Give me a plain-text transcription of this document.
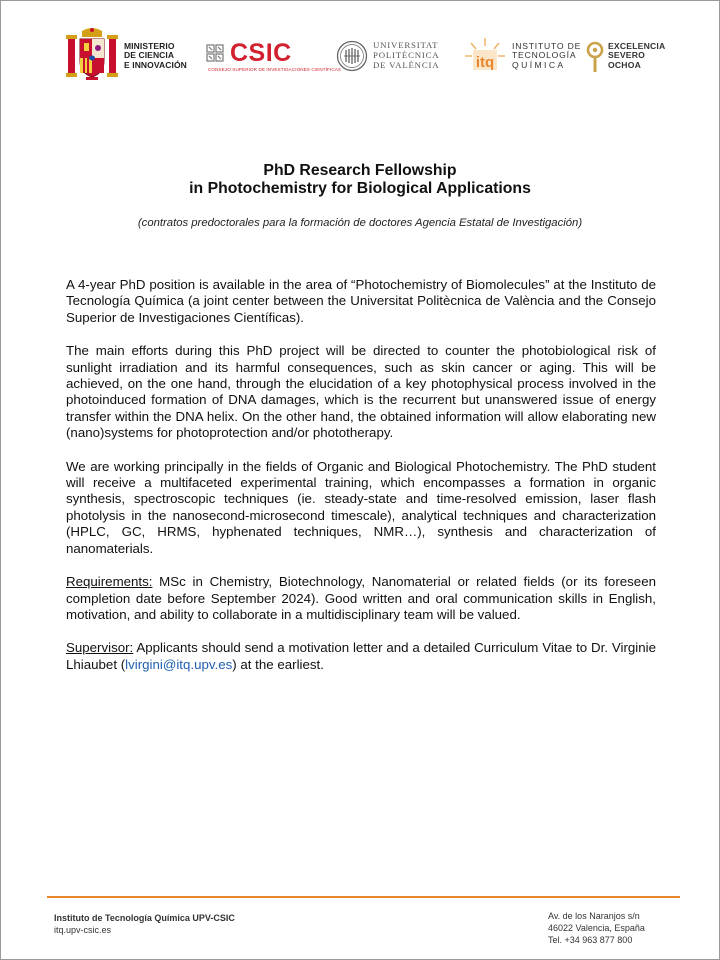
MINISTERIO
DE CIENCIA
E INNOVACIÓN CSIC
CONSEJO SUPERIOR DE INVESTIGACIONES CIENTÍFICAS
UNIVERSITAT
POLITÈCNICA
DE VALÈNCIA itq
INSTITUTO DE
TECNOLOGÍA
QUÍMICA
EXCELENCIA
SEVERO
OCHOA
PhD Research Fellowship
in Photochemistry for Biological Applications
(contratos predoctorales para la formación de doctores Agencia Estatal de Investigación)

A 4-year PhD position is available in the area of “Photochemistry of Biomolecules” at the Instituto de Tecnología Química (a joint center between the Universitat Politècnica de València and the Consejo Superior de Investigaciones Científicas).

The main efforts during this PhD project will be directed to counter the photobiological risk of sunlight irradiation and its harmful consequences, such as skin cancer or aging. This will be achieved, on the one hand, through the elucidation of a key photophysical process involved in the photoinduced formation of DNA damages, which is the recurrent but unanswered issue of energy transfer within the DNA helix. On the other hand, the obtained information will allow elaborating new (nano)systems for photoprotection and/or phototherapy.

We are working principally in the fields of Organic and Biological Photochemistry. The PhD student will receive a multifaceted experimental training, which encompasses a formation in organic synthesis, spectroscopic techniques (ie. steady-state and time-resolved emission, laser flash photolysis in the nanosecond-microsecond timescale), analytical techniques and characterization (HPLC, GC, HRMS, hyphenated techniques, NMR…), synthesis and characterization of nanomaterials.

Requirements: MSc in Chemistry, Biotechnology, Nanomaterial or related fields (or its foreseen completion date before September 2024). Good written and oral communication skills in English, motivation, and ability to collaborate in a multidisciplinary team will be valued.

Supervisor: Applicants should send a motivation letter and a detailed Curriculum Vitae to Dr. Virginie Lhiaubet (lvirgini@itq.upv.es) at the earliest.

Instituto de Tecnología Química UPV-CSIC
itq.upv-csic.es
Av. de los Naranjos s/n
46022 Valencia, España
Tel. +34 963 877 800
